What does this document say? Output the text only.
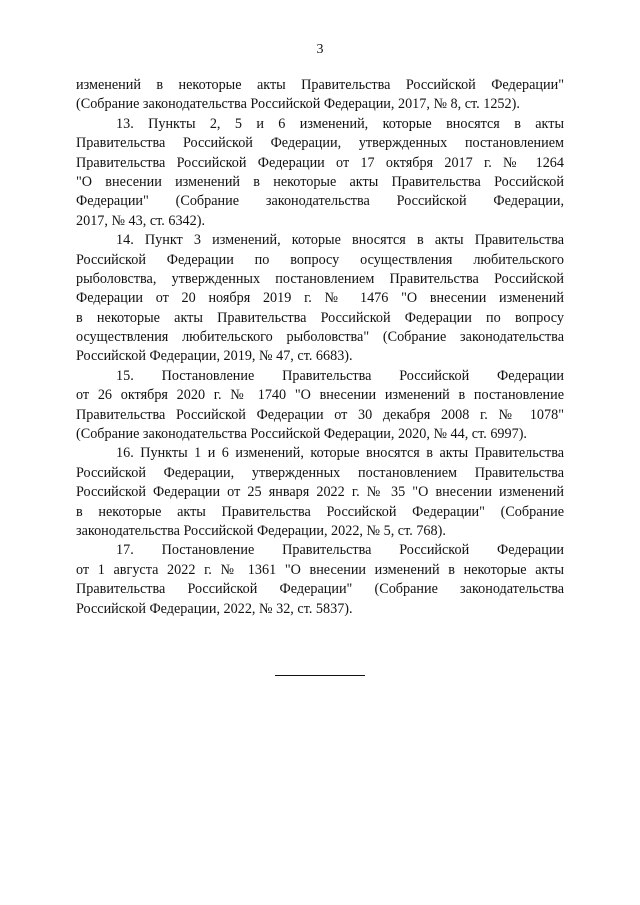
3
изменений в некоторые акты Правительства Российской Федерации"
(Собрание законодательства Российской Федерации, 2017, № 8, ст. 1252).
13. Пункты 2, 5 и 6 изменений, которые вносятся в акты
Правительства Российской Федерации, утвержденных постановлением
Правительства Российской Федерации от 17 октября 2017 г. № 1264
"О внесении изменений в некоторые акты Правительства Российской
Федерации" (Собрание законодательства Российской Федерации,
2017, № 43, ст. 6342).
14. Пункт 3 изменений, которые вносятся в акты Правительства
Российской Федерации по вопросу осуществления любительского
рыболовства, утвержденных постановлением Правительства Российской
Федерации от 20 ноября 2019 г. № 1476 "О внесении изменений
в некоторые акты Правительства Российской Федерации по вопросу
осуществления любительского рыболовства" (Собрание законодательства
Российской Федерации, 2019, № 47, ст. 6683).
15. Постановление Правительства Российской Федерации
от 26 октября 2020 г. № 1740 "О внесении изменений в постановление
Правительства Российской Федерации от 30 декабря 2008 г. № 1078"
(Собрание законодательства Российской Федерации, 2020, № 44, ст. 6997).
16. Пункты 1 и 6 изменений, которые вносятся в акты Правительства
Российской Федерации, утвержденных постановлением Правительства
Российской Федерации от 25 января 2022 г. № 35 "О внесении изменений
в некоторые акты Правительства Российской Федерации" (Собрание
законодательства Российской Федерации, 2022, № 5, ст. 768).
17. Постановление Правительства Российской Федерации
от 1 августа 2022 г. № 1361 "О внесении изменений в некоторые акты
Правительства Российской Федерации" (Собрание законодательства
Российской Федерации, 2022, № 32, ст. 5837).
